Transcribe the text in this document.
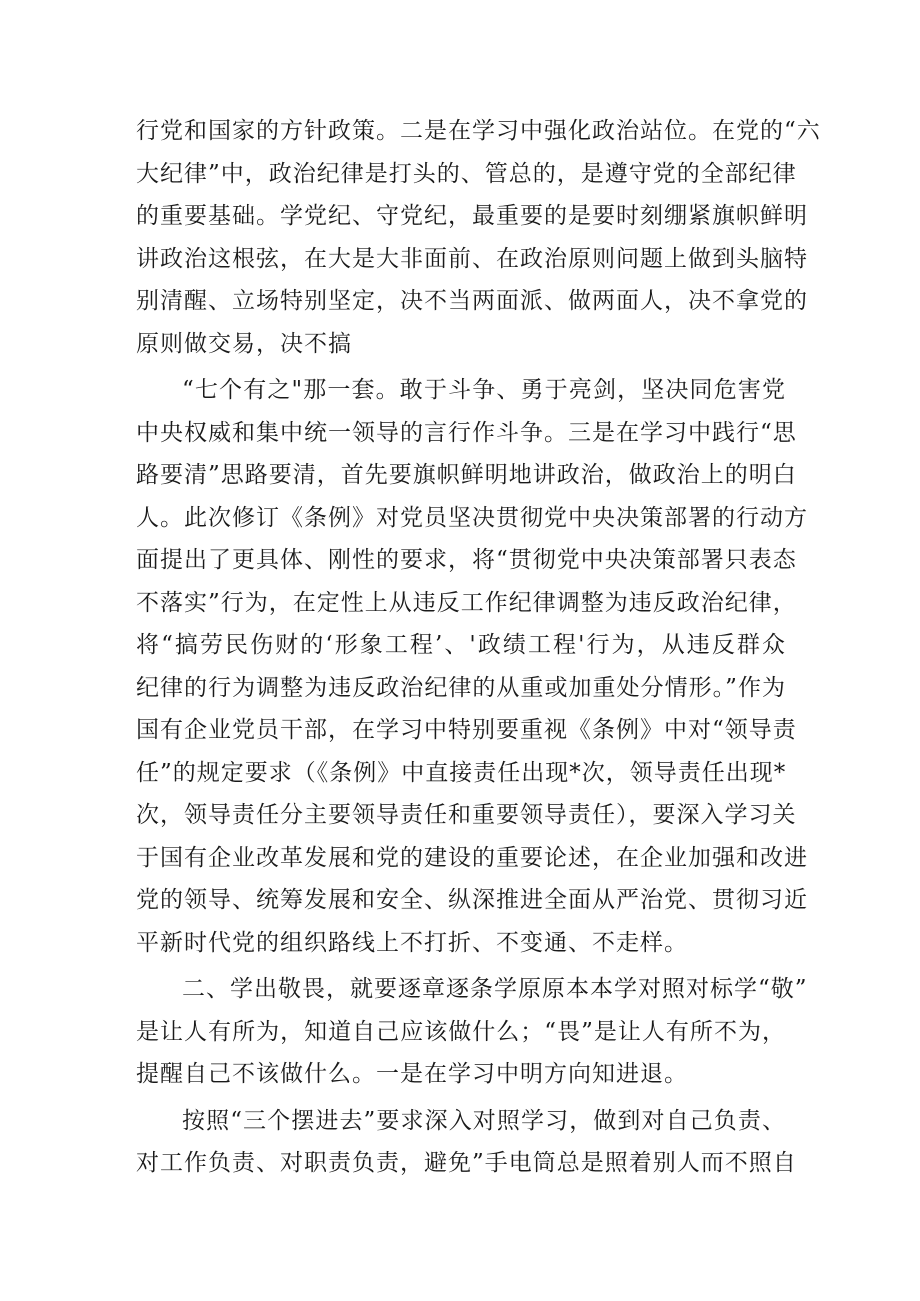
行党和国家的方针政策。二是在学习中强化政治站位。在党的“六
大纪律”中，政治纪律是打头的、管总的，是遵守党的全部纪律
的重要基础。学党纪、守党纪，最重要的是要时刻绷紧旗帜鲜明
讲政治这根弦，在大是大非面前、在政治原则问题上做到头脑特
别清醒、立场特别坚定，决不当两面派、做两面人，决不拿党的
原则做交易，决不搞
“七个有之"那一套。敢于斗争、勇于亮剑，坚决同危害党
中央权威和集中统一领导的言行作斗争。三是在学习中践行“思
路要清”思路要清，首先要旗帜鲜明地讲政治，做政治上的明白
人。此次修订《条例》对党员坚决贯彻党中央决策部署的行动方
面提出了更具体、刚性的要求，将“贯彻党中央决策部署只表态
不落实”行为，在定性上从违反工作纪律调整为违反政治纪律，
将“搞劳民伤财的‘形象工程’、'政绩工程'行为，从违反群众
纪律的行为调整为违反政治纪律的从重或加重处分情形。”作为
国有企业党员干部，在学习中特别要重视《条例》中对“领导责
任”的规定要求（《条例》中直接责任出现*次，领导责任出现*
次，领导责任分主要领导责任和重要领导责任），要深入学习关
于国有企业改革发展和党的建设的重要论述，在企业加强和改进
党的领导、统筹发展和安全、纵深推进全面从严治党、贯彻习近
平新时代党的组织路线上不打折、不变通、不走样。
二、学出敬畏，就要逐章逐条学原原本本学对照对标学“敬”
是让人有所为，知道自己应该做什么；“畏”是让人有所不为，
提醒自己不该做什么。一是在学习中明方向知进退。
按照“三个摆进去”要求深入对照学习，做到对自己负责、
对工作负责、对职责负责，避免”手电筒总是照着别人而不照自
